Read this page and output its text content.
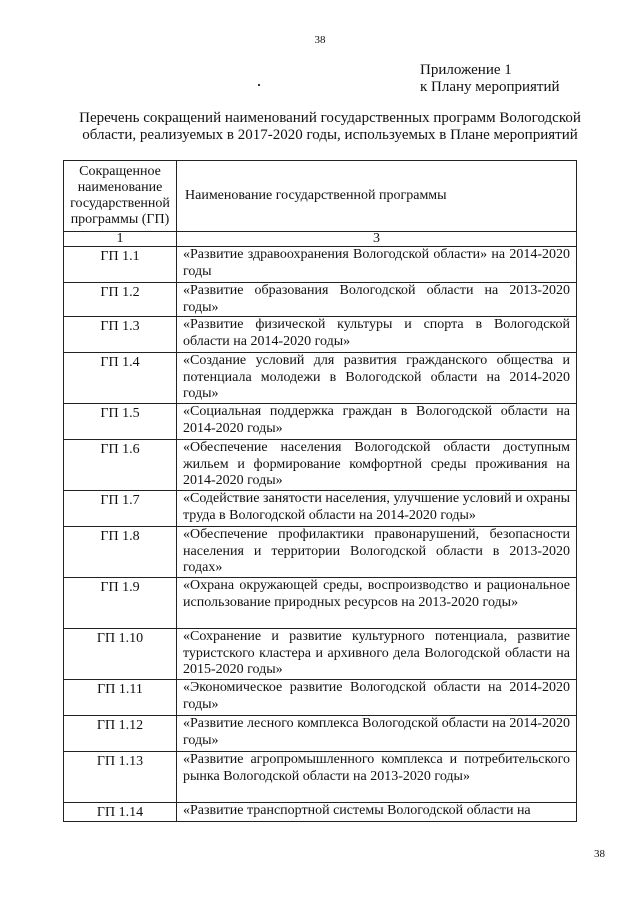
38
Приложение 1
к Плану мероприятий
Перечень сокращений наименований государственных программ Вологодской
области, реализуемых в 2017-2020 годы, используемых в Плане мероприятий
Сокращенное
наименование
государственной
программы (ГП)	Наименование государственной программы
1	3
ГП 1.1	«Развитие здравоохранения Вологодской области» на 2014-2020 годы
ГП 1.2	«Развитие образования Вологодской области на 2013-2020 годы»
ГП 1.3	«Развитие физической культуры и спорта в Вологодской области на 2014-2020 годы»
ГП 1.4	«Создание условий для развития гражданского общества и потенциала молодежи в Вологодской области на 2014-2020 годы»
ГП 1.5	«Социальная поддержка граждан в Вологодской области на 2014-2020 годы»
ГП 1.6	«Обеспечение населения Вологодской области доступным жильем и формирование комфортной среды проживания на 2014-2020 годы»
ГП 1.7	«Содействие занятости населения, улучшение условий и охраны труда в Вологодской области на 2014-2020 годы»
ГП 1.8	«Обеспечение профилактики правонарушений, безопасности населения и территории Вологодской области в 2013-2020 годах»
ГП 1.9	«Охрана окружающей среды, воспроизводство и рациональное использование природных ресурсов на 2013-2020 годы»
ГП 1.10	«Сохранение и развитие культурного потенциала, развитие туристского кластера и архивного дела Вологодской области на 2015-2020 годы»
ГП 1.11	«Экономическое развитие Вологодской области на 2014-2020 годы»
ГП 1.12	«Развитие лесного комплекса Вологодской области на 2014-2020 годы»
ГП 1.13	«Развитие агропромышленного комплекса и потребительского рынка Вологодской области на 2013-2020 годы»
ГП 1.14	«Развитие транспортной системы Вологодской области на
38
